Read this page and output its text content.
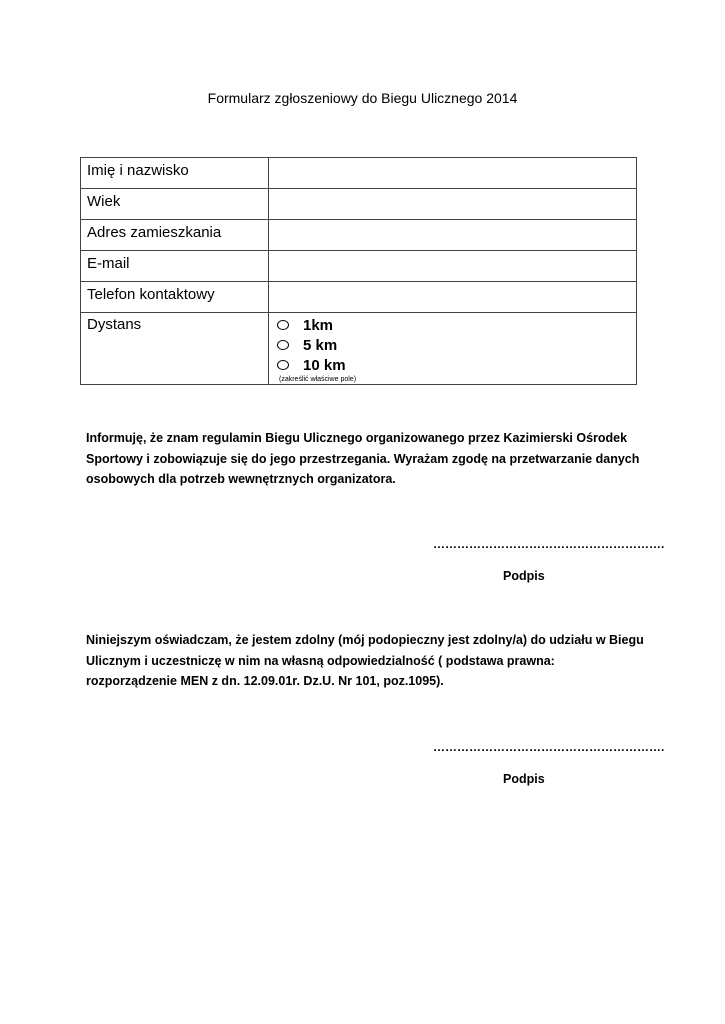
Formularz zgłoszeniowy do Biegu Ulicznego 2014
Imię i nazwisko	
Wiek	
Adres zamieszkania	
E-mail	
Telefon kontaktowy	
Dystans	1km
5 km
10 km
(zakreślić właściwe pole)

Informuję, że znam regulamin Biegu Ulicznego organizowanego przez Kazimierski Ośrodek Sportowy i zobowiązuje się do jego przestrzegania. Wyrażam zgodę na przetwarzanie danych osobowych dla potrzeb wewnętrznych organizatora.

………………………………………………….
Podpis

Niniejszym oświadczam, że jestem zdolny (mój podopieczny jest zdolny/a) do udziału w Biegu Ulicznym i uczestniczę w nim na własną odpowiedzialność ( podstawa prawna: rozporządzenie MEN z dn. 12.09.01r. Dz.U. Nr 101, poz.1095).

………………………………………………….
Podpis
